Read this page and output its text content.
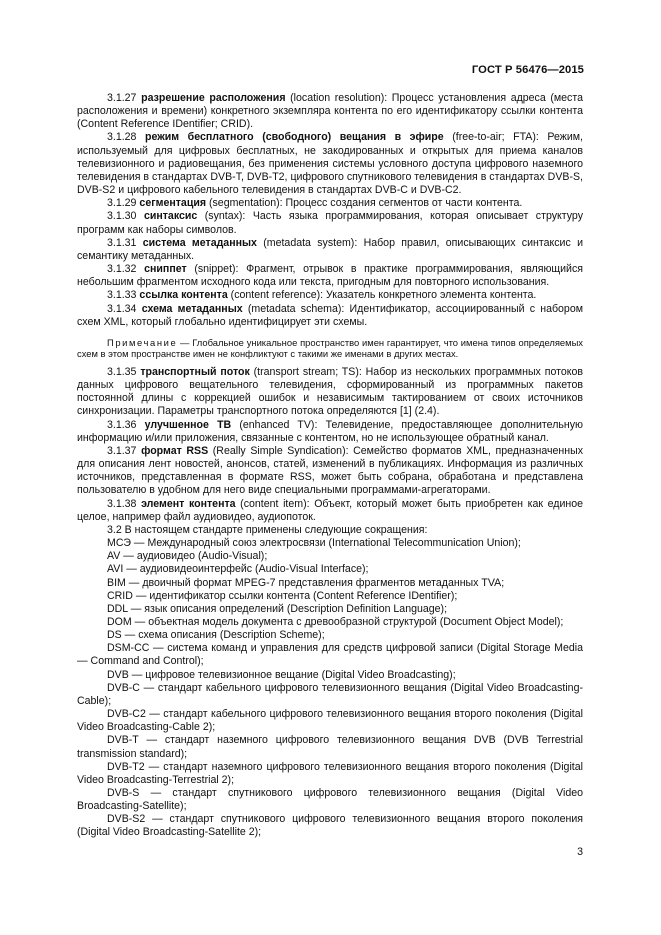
ГОСТ Р 56476—2015

3.1.27 разрешение расположения (location resolution): Процесс установления адреса (места расположения и времени) конкретного экземпляра контента по его идентификатору ссылки контента (Content Reference IDentifier; CRID).

3.1.28 режим бесплатного (свободного) вещания в эфире (free-to-air; FTA): Режим, используемый для цифровых бесплатных, не закодированных и открытых для приема каналов телевизионного и радиовещания, без применения системы условного доступа цифрового наземного телевидения в стандартах DVB-T, DVB-T2, цифрового спутникового телевидения в стандартах DVB-S, DVB-S2 и цифрового кабельного телевидения в стандартах DVB-C и DVB-C2.

3.1.29 сегментация (segmentation): Процесс создания сегментов от части контента.

3.1.30 синтаксис (syntax): Часть языка программирования, которая описывает структуру программ как наборы символов.

3.1.31 система метаданных (metadata system): Набор правил, описывающих синтаксис и семантику метаданных.

3.1.32 сниппет (snippet): Фрагмент, отрывок в практике программирования, являющийся небольшим фрагментом исходного кода или текста, пригодным для повторного использования.

3.1.33 ссылка контента (content reference): Указатель конкретного элемента контента.

3.1.34 схема метаданных (metadata schema): Идентификатор, ассоциированный с набором схем XML, который глобально идентифицирует эти схемы.

Примечание — Глобальное уникальное пространство имен гарантирует, что имена типов определяемых схем в этом пространстве имен не конфликтуют с такими же именами в других местах.

3.1.35 транспортный поток (transport stream; TS): Набор из нескольких программных потоков данных цифрового вещательного телевидения, сформированный из программных пакетов постоянной длины с коррекцией ошибок и независимым тактированием от своих источников синхронизации. Параметры транспортного потока определяются [1] (2.4).

3.1.36 улучшенное ТВ (enhanced TV): Телевидение, предоставляющее дополнительную информацию и/или приложения, связанные с контентом, но не использующее обратный канал.

3.1.37 формат RSS (Really Simple Syndication): Семейство форматов XML, предназначенных для описания лент новостей, анонсов, статей, изменений в публикациях. Информация из различных источников, представленная в формате RSS, может быть собрана, обработана и представлена пользователю в удобном для него виде специальными программами-агрегаторами.

3.1.38 элемент контента (content item): Объект, который может быть приобретен как единое целое, например файл аудиовидео, аудиопоток.

3.2 В настоящем стандарте применены следующие сокращения:

МСЭ — Международный союз электросвязи (International Telecommunication Union);

AV — аудиовидео (Audio-Visual);

AVI — аудиовидеоинтерфейс (Audio-Visual Interface);

BIM — двоичный формат MPEG-7 представления фрагментов метаданных TVA;

CRID — идентификатор ссылки контента (Content Reference IDentifier);

DDL — язык описания определений (Description Definition Language);

DOM — объектная модель документа с древообразной структурой (Document Object Model);

DS — схема описания (Description Scheme);

DSM-CC — система команд и управления для средств цифровой записи (Digital Storage Media — Command and Control);

DVB — цифровое телевизионное вещание (Digital Video Broadcasting);

DVB-C — стандарт кабельного цифрового телевизионного вещания (Digital Video Broadcasting-Cable);

DVB-C2 — стандарт кабельного цифрового телевизионного вещания второго поколения (Digital Video Broadcasting-Cable 2);

DVB-T — стандарт наземного цифрового телевизионного вещания DVB (DVB Terrestrial transmission standard);

DVB-T2 — стандарт наземного цифрового телевизионного вещания второго поколения (Digital Video Broadcasting-Terrestrial 2);

DVB-S — стандарт спутникового цифрового телевизионного вещания (Digital Video Broadcasting-Satellite);

DVB-S2 — стандарт спутникового цифрового телевизионного вещания второго поколения (Digital Video Broadcasting-Satellite 2);

3
